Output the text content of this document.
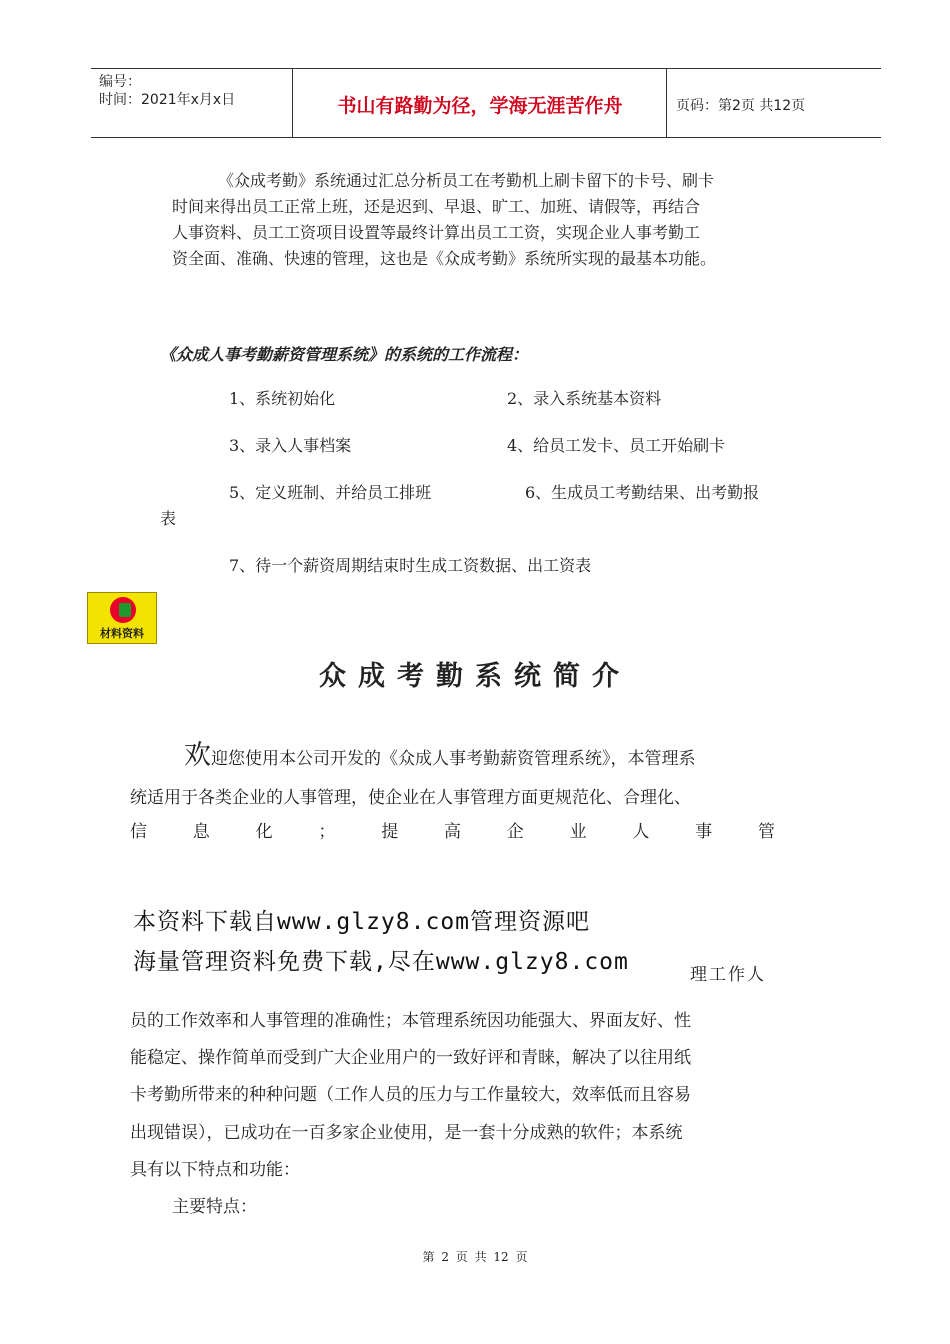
编号：
时间：2021年x月x日	书山有路勤为径，学海无涯苦作舟	页码：第2页 共12页
《众成考勤》系统通过汇总分析员工在考勤机上刷卡留下的卡号、刷卡
时间来得出员工正常上班，还是迟到、早退、旷工、加班、请假等，再结合
人事资料、员工工资项目设置等最终计算出员工工资，实现企业人事考勤工
资全面、准确、快速的管理，这也是《众成考勤》系统所实现的最基本功能。
《众成人事考勤薪资管理系统》的系统的工作流程：
1、系统初始化	2、录入系统基本资料
3、录入人事档案	4、给员工发卡、员工开始刷卡
5、定义班制、并给员工排班	6、生成员工考勤结果、出考勤报
表
7、待一个薪资周期结束时生成工资数据、出工资表
材料资料
众成考勤系统简介
欢迎您使用本公司开发的《众成人事考勤薪资管理系统》，本管理系
统适用于各类企业的人事管理，使企业在人事管理方面更规范化、合理化、
信	息	化	；	提	高	企	业	人	事	管
本资料下载自www.glzy8.com管理资源吧
海量管理资料免费下载,尽在www.glzy8.com	理工作人
员的工作效率和人事管理的准确性；本管理系统因功能强大、界面友好、性
能稳定、操作简单而受到广大企业用户的一致好评和青睐，解决了以往用纸
卡考勤所带来的种种问题（工作人员的压力与工作量较大，效率低而且容易
出现错误），已成功在一百多家企业使用，是一套十分成熟的软件；本系统
具有以下特点和功能：
主要特点：
第 2 页 共 12 页
